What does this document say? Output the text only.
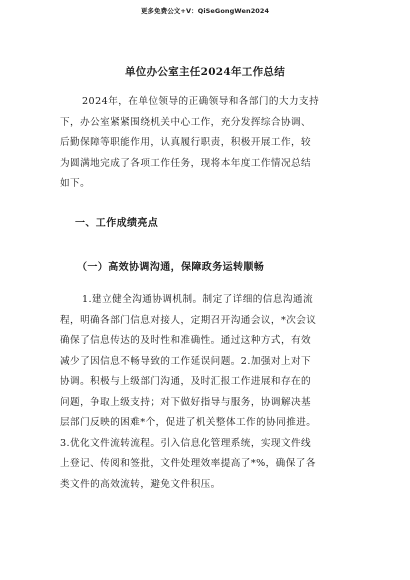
更多免费公文+V：QiSeGongWen2024
单位办公室主任2024年工作总结
2024年，在单位领导的正确领导和各部门的大力支持
下，办公室紧紧围绕机关中心工作，充分发挥综合协调、
后勤保障等职能作用，认真履行职责，积极开展工作，较
为圆满地完成了各项工作任务，现将本年度工作情况总结
如下。
一、工作成绩亮点
（一）高效协调沟通，保障政务运转顺畅
1.建立健全沟通协调机制。制定了详细的信息沟通流
程，明确各部门信息对接人，定期召开沟通会议，*次会议
确保了信息传达的及时性和准确性。通过这种方式，有效
减少了因信息不畅导致的工作延误问题。2.加强对上对下
协调。积极与上级部门沟通，及时汇报工作进展和存在的
问题，争取上级支持；对下做好指导与服务，协调解决基
层部门反映的困难*个，促进了机关整体工作的协同推进。
3.优化文件流转流程。引入信息化管理系统，实现文件线
上登记、传阅和签批，文件处理效率提高了*%，确保了各
类文件的高效流转，避免文件积压。
